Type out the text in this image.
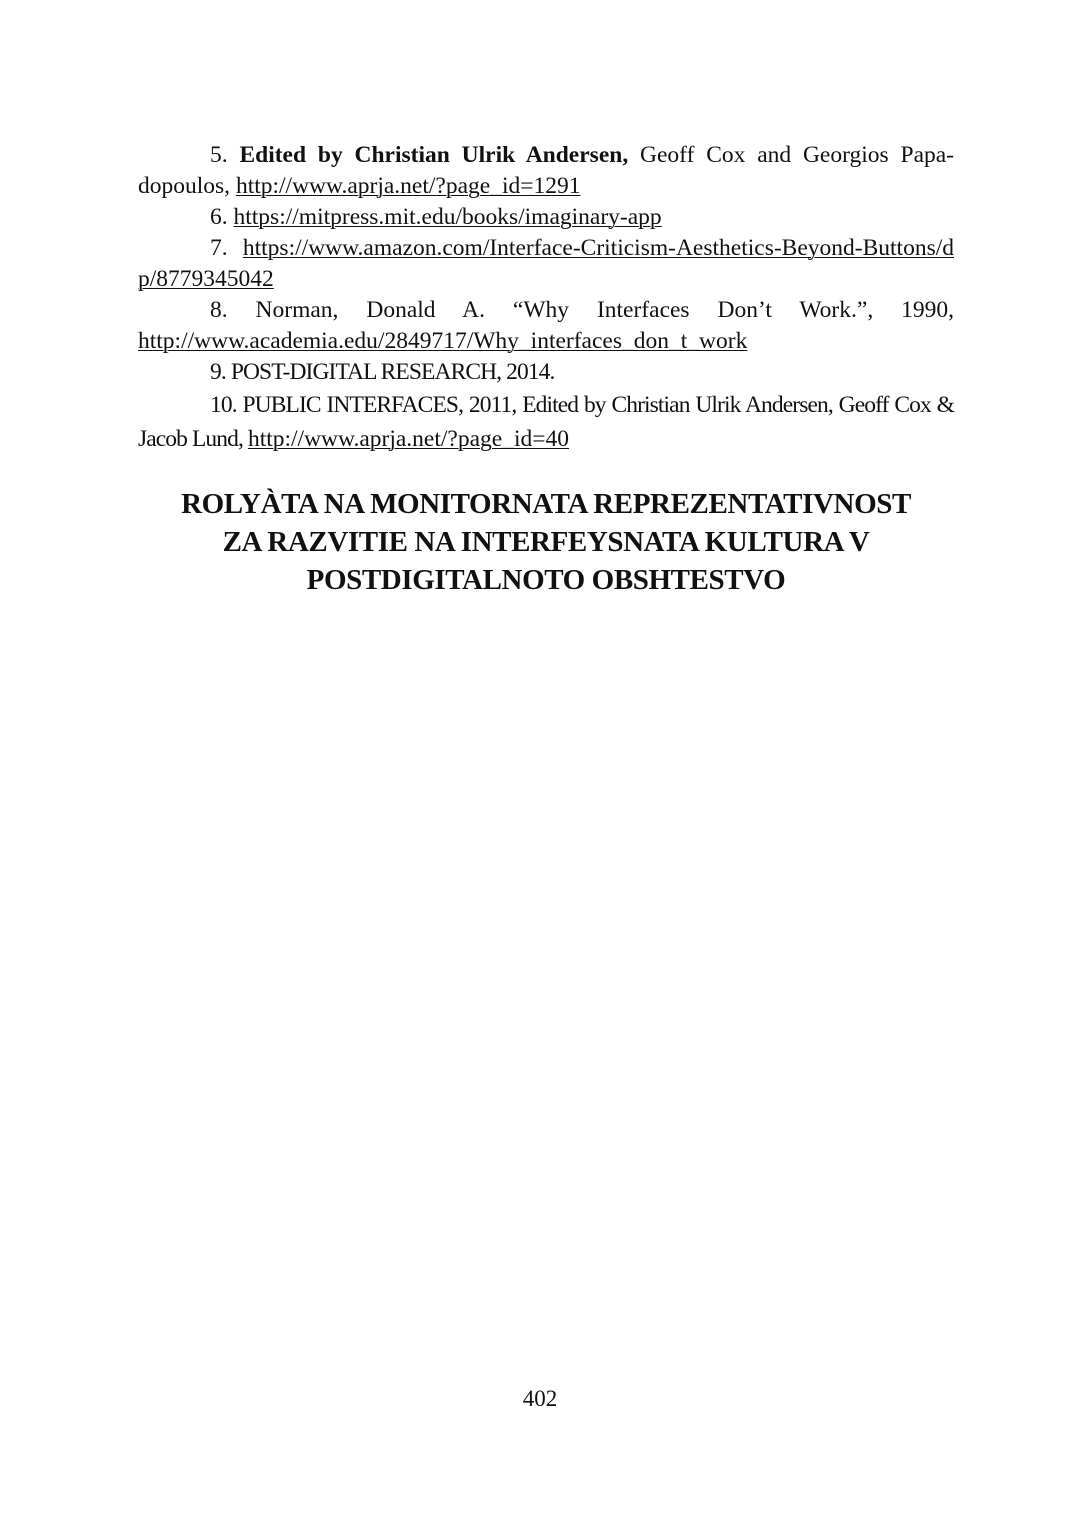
5. Edited by Christian Ulrik Andersen, Geoff Cox and Georgios Papa-dopoulos, http://www.aprja.net/?page_id=1291

6. https://mitpress.mit.edu/books/imaginary-app

7. https://www.amazon.com/Interface-Criticism-Aesthetics-Beyond-Buttons/dp/8779345042

8. Norman, Donald A. “Why Interfaces Don’t Work.”, 1990, http://www.academia.edu/2849717/Why_interfaces_don_t_work

9. POST-DIGITAL RESEARCH, 2014.

10. PUBLIC INTERFACES, 2011, Edited by Christian Ulrik Andersen, Geoff Cox & Jacob Lund, http://www.aprja.net/?page_id=40

ROLYÀTA NA MONITORNATA REPREZENTATIVNOST
ZA RAZVITIE NA INTERFEYSNATA KULTURA V
POSTDIGITALNOTO OBSHTESTVO
402
